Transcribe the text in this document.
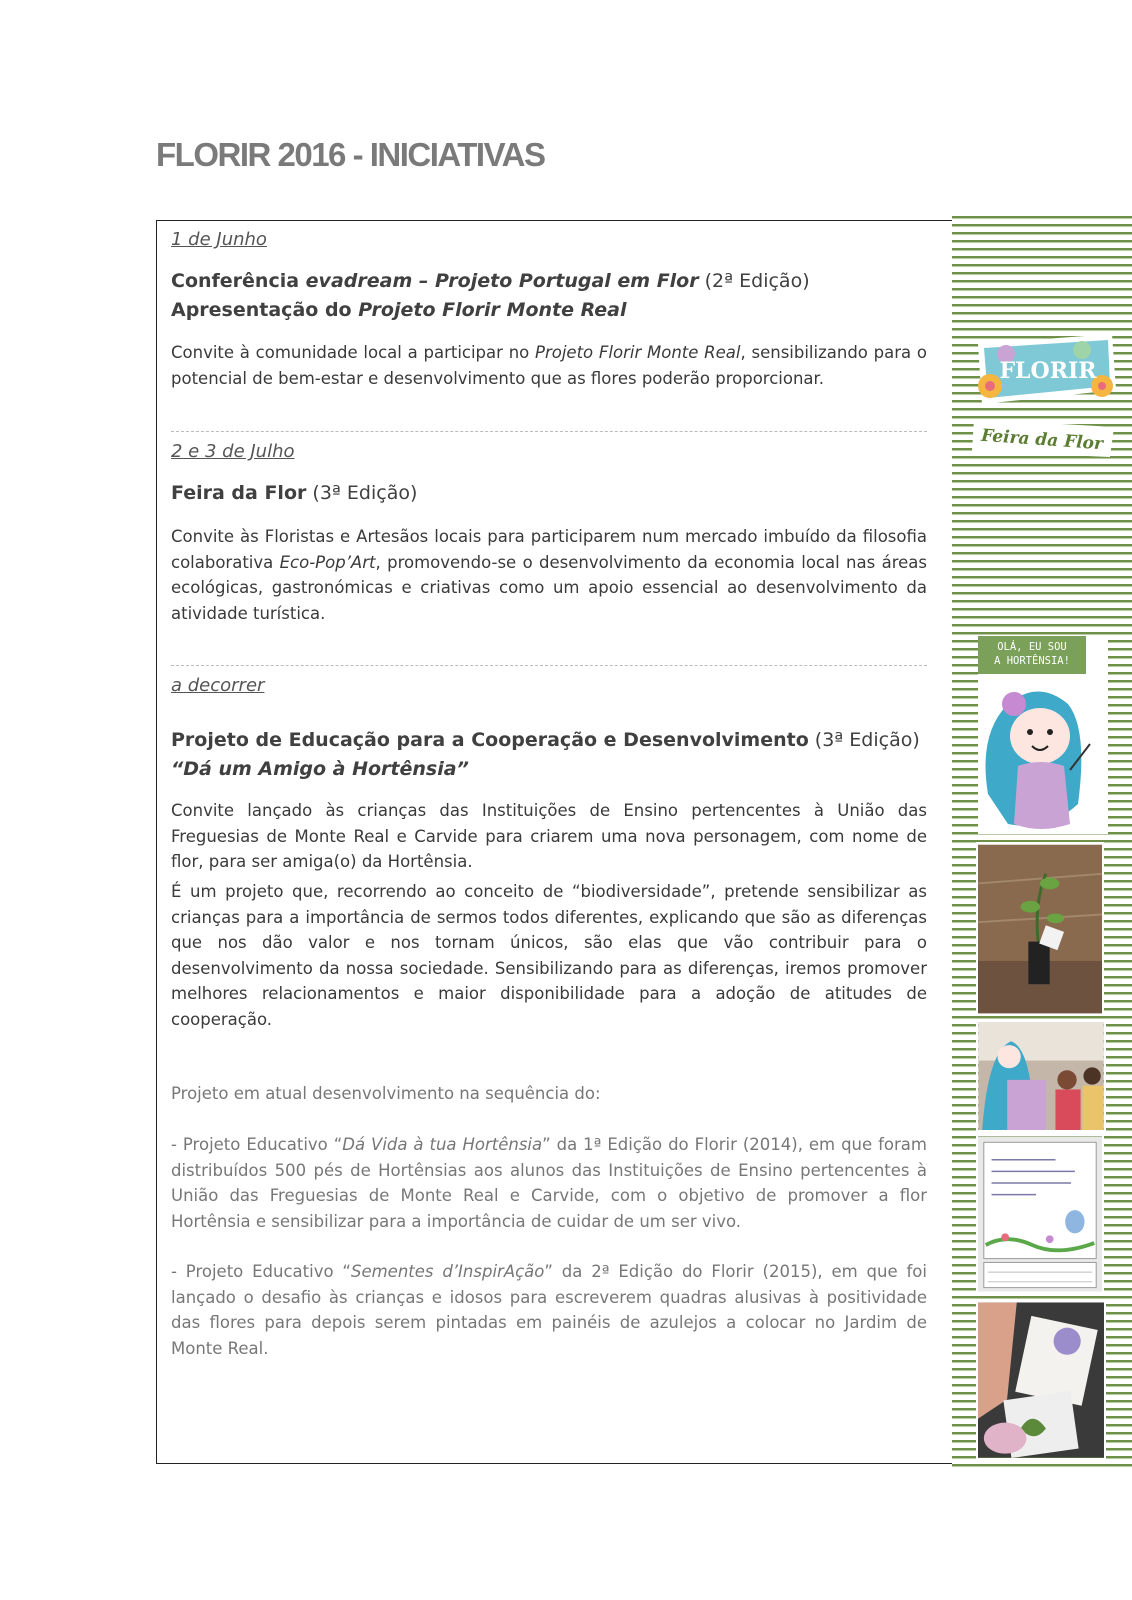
FLORIR 2016 - INICIATIVAS

1 de Junho

Conferência evadream – Projeto Portugal em Flor (2ª Edição)

Apresentação do Projeto Florir Monte Real

Convite à comunidade local a participar no Projeto Florir Monte Real, sensibilizando para o potencial de bem-estar e desenvolvimento que as flores poderão proporcionar.

2 e 3 de Julho

Feira da Flor (3ª Edição)

Convite às Floristas e Artesãos locais para participarem num mercado imbuído da filosofia colaborativa Eco-Pop’Art, promovendo-se o desenvolvimento da economia local nas áreas ecológicas, gastronómicas e criativas como um apoio essencial ao desenvolvimento da atividade turística.

a decorrer

Projeto de Educação para a Cooperação e Desenvolvimento (3ª Edição)

“Dá um Amigo à Hortênsia”

Convite lançado às crianças das Instituições de Ensino pertencentes à União das Freguesias de Monte Real e Carvide para criarem uma nova personagem, com nome de flor, para ser amiga(o) da Hortênsia.

É um projeto que, recorrendo ao conceito de “biodiversidade”, pretende sensibilizar as crianças para a importância de sermos todos diferentes, explicando que são as diferenças que nos dão valor e nos tornam únicos, são elas que vão contribuir para o desenvolvimento da nossa sociedade. Sensibilizando para as diferenças, iremos promover melhores relacionamentos e maior disponibilidade para a adoção de atitudes de cooperação.

Projeto em atual desenvolvimento na sequência do:

- Projeto Educativo “Dá Vida à tua Hortênsia” da 1ª Edição do Florir (2014), em que foram distribuídos 500 pés de Hortênsias aos alunos das Instituições de Ensino pertencentes à União das Freguesias de Monte Real e Carvide, com o objetivo de promover a flor Hortênsia e sensibilizar para a importância de cuidar de um ser vivo.

- Projeto Educativo “Sementes d’InspirAção” da 2ª Edição do Florir (2015), em que foi lançado o desafio às crianças e idosos para escreverem quadras alusivas à positividade das flores para depois serem pintadas em painéis de azulejos a colocar no Jardim de Monte Real.

FLORIR
Feira da Flor
OLÁ, EU SOU
A HORTÊNSIA!
